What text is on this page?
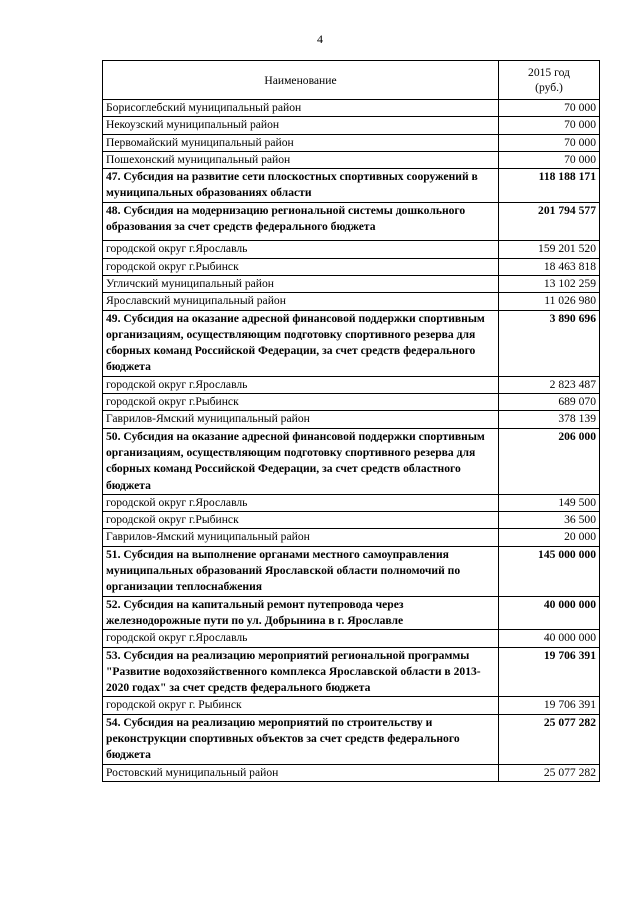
4
Наименование	2015 год
(руб.)
Борисоглебский муниципальный район	70 000
Некоузский муниципальный район	70 000
Первомайский муниципальный район	70 000
Пошехонский муниципальный район	70 000
47. Субсидия на развитие сети плоскостных спортивных сооружений в муниципальных образованиях области	118 188 171
48. Субсидия на модернизацию региональной системы дошкольного образования за счет средств федерального бюджета	201 794 577
городской округ г.Ярославль	159 201 520
городской округ г.Рыбинск	18 463 818
Угличский муниципальный район	13 102 259
Ярославский муниципальный район	11 026 980
49. Субсидия на оказание адресной финансовой поддержки спортивным организациям, осуществляющим подготовку спортивного резерва для сборных команд Российской Федерации, за счет средств федерального бюджета	3 890 696
городской округ г.Ярославль	2 823 487
городской округ г.Рыбинск	689 070
Гаврилов-Ямский муниципальный район	378 139
50. Субсидия на оказание адресной финансовой поддержки спортивным организациям, осуществляющим подготовку спортивного резерва для сборных команд Российской Федерации, за счет средств областного бюджета	206 000
городской округ г.Ярославль	149 500
городской округ г.Рыбинск	36 500
Гаврилов-Ямский муниципальный район	20 000
51. Субсидия на выполнение органами местного самоуправления муниципальных образований Ярославской области полномочий по организации теплоснабжения	145 000 000
52. Субсидия на капитальный ремонт путепровода через железнодорожные пути по ул. Добрынина в г. Ярославле	40 000 000
городской округ г.Ярославль	40 000 000
53. Субсидия на реализацию мероприятий региональной программы "Развитие водохозяйственного комплекса Ярославской области в 2013-2020 годах" за счет средств федерального бюджета	19 706 391
городской округ г. Рыбинск	19 706 391
54. Субсидия на реализацию мероприятий по строительству и реконструкции спортивных объектов за счет средств федерального бюджета	25 077 282
Ростовский муниципальный район	25 077 282
